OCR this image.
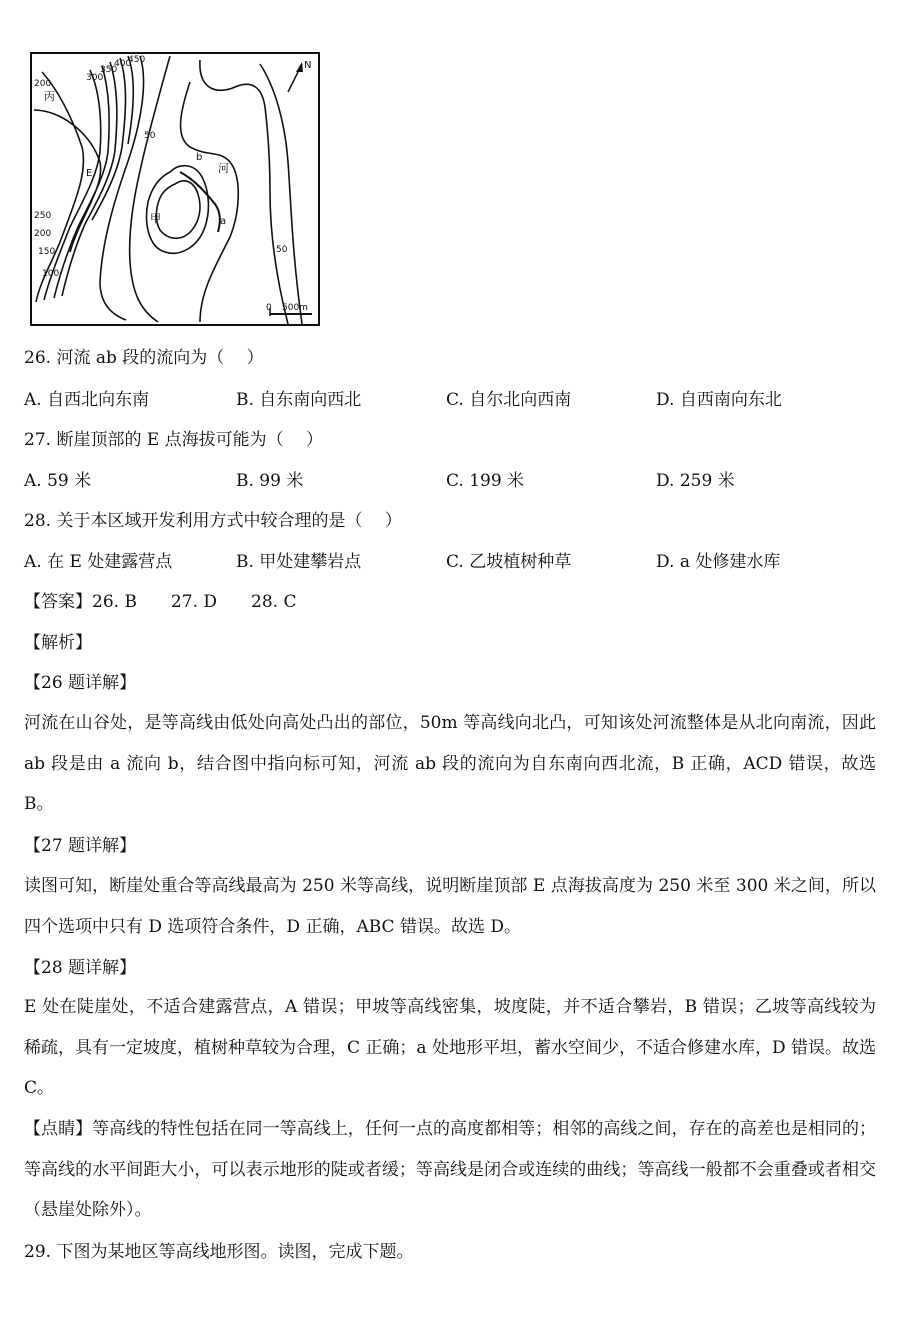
N
0 500m
丙
甲
河
E
a
b
200
300
350
400
450
50
250
200
150
100
50
26. 河流 ab 段的流向为（　 ）
A. 自西北向东南	B. 自东南向西北	C. 自尔北向西南	D. 自西南向东北
27. 断崖顶部的 E 点海拔可能为（　 ）
A. 59 米	B. 99 米	C. 199 米	D. 259 米
28. 关于本区域开发利用方式中较合理的是（　 ）
A. 在 E 处建露营点	B. 甲处建攀岩点	C. 乙坡植树种草	D. a 处修建水库
【答案】26. B　　27. D　　28. C
【解析】
【26 题详解】
河流在山谷处，是等高线由低处向高处凸出的部位，50m 等高线向北凸，可知该处河流整体是从北向南流，因此 ab 段是由 a 流向 b，结合图中指向标可知，河流 ab 段的流向为自东南向西北流，B 正确，ACD 错误，故选 B。
【27 题详解】
读图可知，断崖处重合等高线最高为 250 米等高线，说明断崖顶部 E 点海拔高度为 250 米至 300 米之间，所以四个选项中只有 D 选项符合条件，D 正确，ABC 错误。故选 D。
【28 题详解】
E 处在陡崖处，不适合建露营点，A 错误；甲坡等高线密集，坡度陡，并不适合攀岩，B 错误；乙坡等高线较为稀疏，具有一定坡度，植树种草较为合理，C 正确；a 处地形平坦，蓄水空间少，不适合修建水库，D 错误。故选 C。
【点睛】等高线的特性包括在同一等高线上，任何一点的高度都相等；相邻的高线之间，存在的高差也是相同的；等高线的水平间距大小，可以表示地形的陡或者缓；等高线是闭合或连续的曲线；等高线一般都不会重叠或者相交（悬崖处除外）。
29. 下图为某地区等高线地形图。读图，完成下题。
